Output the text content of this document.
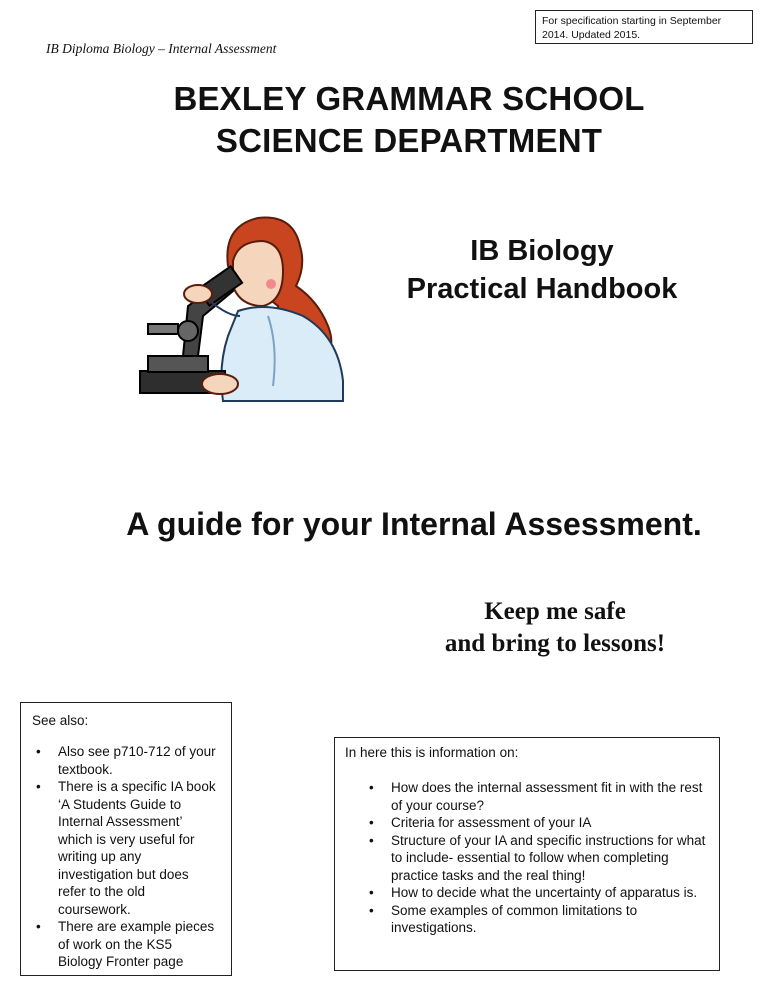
For specification starting in September 2014. Updated 2015.
IB Diploma Biology – Internal Assessment
BEXLEY GRAMMAR SCHOOL
SCIENCE DEPARTMENT
IB Biology
Practical Handbook
A guide for your Internal Assessment.
Keep me safe
and bring to lessons!
See also:
• Also see p710-712 of your textbook.
• There is a specific IA book ‘A Students Guide to Internal Assessment’ which is very useful for writing up any investigation but does refer to the old coursework.
• There are example pieces of work on the KS5 Biology Fronter page
In here this is information on:
• How does the internal assessment fit in with the rest of your course?
• Criteria for assessment of your IA
• Structure of your IA and specific instructions for what to include- essential to follow when completing practice tasks and the real thing!
• How to decide what the uncertainty of apparatus is.
• Some examples of common limitations to investigations.
